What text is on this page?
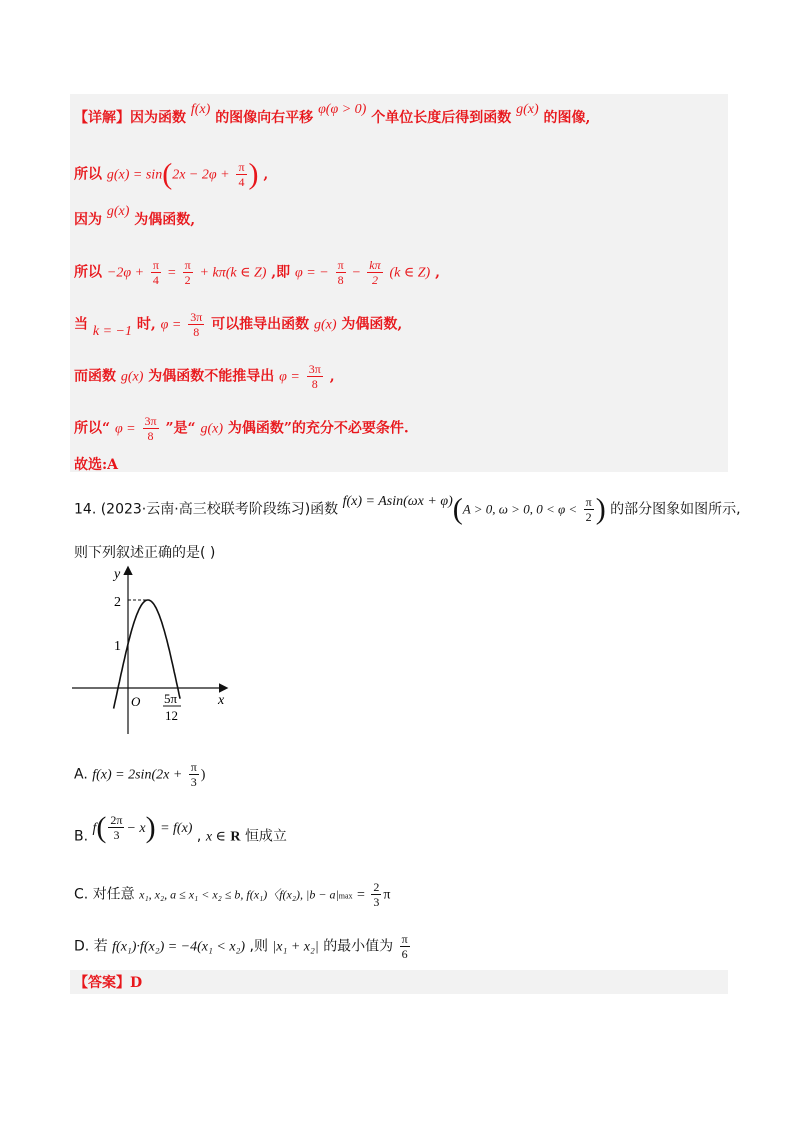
【详解】因为函数 f(x) 的图像向右平移 φ(φ > 0) 个单位长度后得到函数 g(x) 的图像,
所以 $g(x) = \sin(2x - 2\varphi + \frac{\pi}{4}$ ) ,
因为 g(x) 为偶函数,
所以 $-2\varphi + \frac{\pi}{4} = \frac{\pi}{2} + k\pi(k$ ∈ Z) ,即 φ = − $\frac{\pi}{8} - \frac{k\pi}{2} (k$ ∈ Z) ,
当 k = −1 时, $\varphi = \frac{3\pi}{8}$ 可以推导出函数 g(x) 为偶函数,
而函数 g(x) 为偶函数不能推导出 $\varphi = \frac{3\pi}{8}$ ,
所以“ $\varphi = \frac{3\pi}{8}$ ”是“ g(x) 为偶函数”的充分不必要条件.
故选:A
14. (2023·云南·高三校联考阶段练习)函数 f(x) = Asin(ωx + φ)(A > 0, ω > 0, $0 < \varphi < \frac{\pi}{2}$ ) 的部分图象如图所示,
则下列叙述正确的是( )
y
x
O
2
1
5π
12
A. $f(x) = 2\sin(2x + \frac{\pi}{3}$ )
B. $f( \frac{2\pi}{3} - x) = f(x)$ , x ∈ R 恒成立
C. 对任意 x₁, x₂, a ≤ x₁ < x₂ ≤ b, f(x₁)〈f(x₂), $|b - a|\max = \frac{2}{3}$ π
D. 若 f(x₁)·f(x₂) = −4(x₁ < x₂) ,则 |x₁ + x₂| 的最小值为 $\frac{\pi}{6}$
【答案】D
